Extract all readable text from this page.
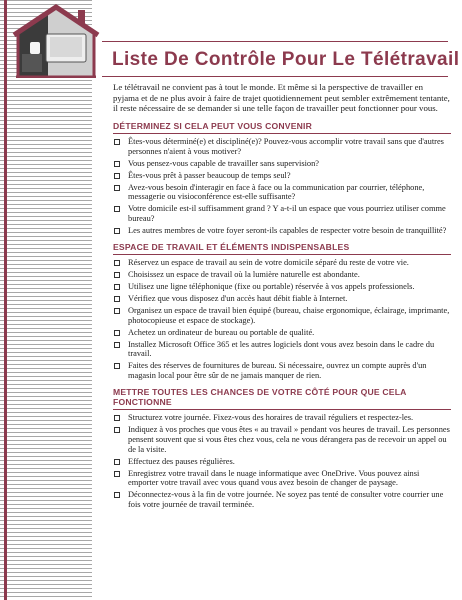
Liste De Contrôle Pour Le Télétravail

Le télétravail ne convient pas à tout le monde. Et même si la perspective de travailler en pyjama et de ne plus avoir à faire de trajet quotidiennement peut sembler extrêmement tentante, il reste nécessaire de se demander si une telle façon de travailler peut fonctionner pour vous.

DÉTERMINEZ SI CELA PEUT VOUS CONVENIR
Êtes-vous déterminé(e) et discipliné(e)? Pouvez-vous accomplir votre travail sans que d'autres personnes n'aient à vous motiver?
Vous pensez-vous capable de travailler sans supervision?
Êtes-vous prêt à passer beaucoup de temps seul?
Avez-vous besoin d'interagir en face à face ou la communication par courrier, téléphone, messagerie ou visioconférence est-elle suffisante?
Votre domicile est-il suffisamment grand ? Y a-t-il un espace que vous pourriez utiliser comme bureau?
Les autres membres de votre foyer seront-ils capables de respecter votre besoin de tranquillité?
ESPACE DE TRAVAIL ET ÉLÉMENTS INDISPENSABLES
Réservez un espace de travail au sein de votre domicile séparé du reste de votre vie.
Choisissez un espace de travail où la lumière naturelle est abondante.
Utilisez une ligne téléphonique (fixe ou portable) réservée à vos appels professionels.
Vérifiez que vous disposez d'un accès haut débit fiable à Internet.
Organisez un espace de travail bien équipé (bureau, chaise ergonomique, éclairage, imprimante, photocopieuse et espace de stockage).
Achetez un ordinateur de bureau ou portable de qualité.
Installez Microsoft Office 365 et les autres logiciels dont vous avez besoin dans le cadre du travail.
Faites des réserves de fournitures de bureau. Si nécessaire, ouvrez un compte auprès d'un magasin local pour être sûr de ne jamais manquer de rien.
METTRE TOUTES LES CHANCES DE VOTRE CÔTÉ POUR QUE CELA FONCTIONNE
Structurez votre journée. Fixez-vous des horaires de travail réguliers et respectez-les.
Indiquez à vos proches que vous êtes « au travail » pendant vos heures de travail. Les personnes pensent souvent que si vous êtes chez vous, cela ne vous dérangera pas de recevoir un appel ou de la visite.
Effectuez des pauses régulières.
Enregistrez votre travail dans le nuage informatique avec OneDrive. Vous pouvez ainsi emporter votre travail avec vous quand vous avez besoin de changer de paysage.
Déconnectez-vous à la fin de votre journée. Ne soyez pas tenté de consulter votre courrier une fois votre journée de travail terminée.
